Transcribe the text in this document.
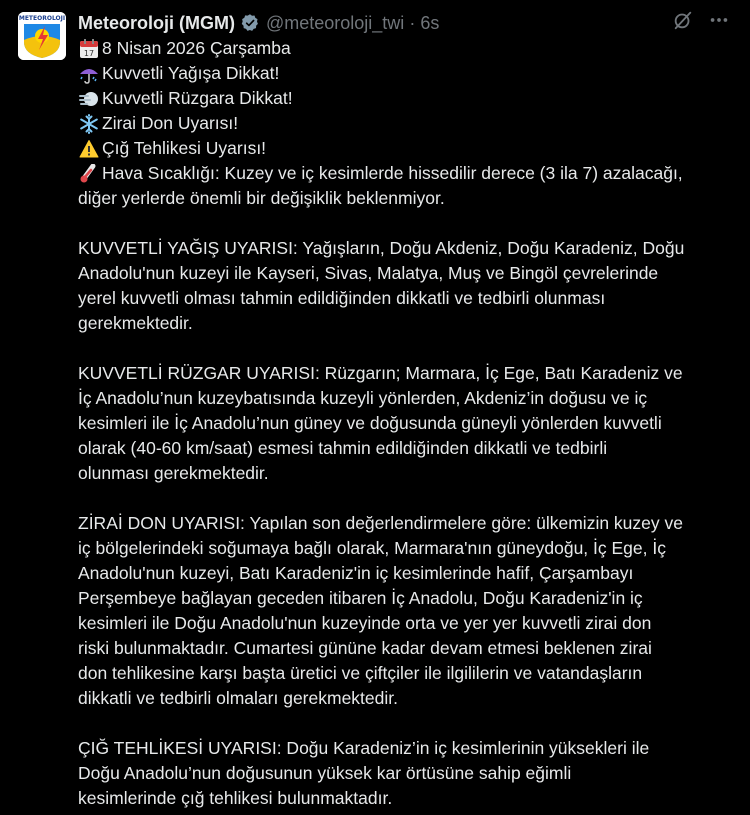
METEOROLOJI Meteoroloji (MGM) @meteoroloji_twi · 6s
17 8 Nisan 2026 Çarşamba
Kuvvetli Yağışa Dikkat!
Kuvvetli Rüzgara Dikkat!
Zirai Don Uyarısı!
Çığ Tehlikesi Uyarısı!
Hava Sıcaklığı: Kuzey ve iç kesimlerde hissedilir derece (3 ila 7) azalacağı,
diğer yerlerde önemli bir değişiklik beklenmiyor.
KUVVETLİ YAĞIŞ UYARISI: Yağışların, Doğu Akdeniz, Doğu Karadeniz, Doğu
Anadolu'nun kuzeyi ile Kayseri, Sivas, Malatya, Muş ve Bingöl çevrelerinde
yerel kuvvetli olması tahmin edildiğinden dikkatli ve tedbirli olunması
gerekmektedir.
KUVVETLİ RÜZGAR UYARISI: Rüzgarın; Marmara, İç Ege, Batı Karadeniz ve
İç Anadolu’nun kuzeybatısında kuzeyli yönlerden, Akdeniz’in doğusu ve iç
kesimleri ile İç Anadolu’nun güney ve doğusunda güneyli yönlerden kuvvetli
olarak (40-60 km/saat) esmesi tahmin edildiğinden dikkatli ve tedbirli
olunması gerekmektedir.
ZİRAİ DON UYARISI: Yapılan son değerlendirmelere göre: ülkemizin kuzey ve
iç bölgelerindeki soğumaya bağlı olarak, Marmara'nın güneydoğu, İç Ege, İç
Anadolu'nun kuzeyi, Batı Karadeniz'in iç kesimlerinde hafif, Çarşambayı
Perşembeye bağlayan geceden itibaren İç Anadolu, Doğu Karadeniz'in iç
kesimleri ile Doğu Anadolu'nun kuzeyinde orta ve yer yer kuvvetli zirai don
riski bulunmaktadır. Cumartesi gününe kadar devam etmesi beklenen zirai
don tehlikesine karşı başta üretici ve çiftçiler ile ilgililerin ve vatandaşların
dikkatli ve tedbirli olmaları gerekmektedir.
ÇIĞ TEHLİKESİ UYARISI: Doğu Karadeniz’in iç kesimlerinin yüksekleri ile
Doğu Anadolu’nun doğusunun yüksek kar örtüsüne sahip eğimli
kesimlerinde çığ tehlikesi bulunmaktadır.
